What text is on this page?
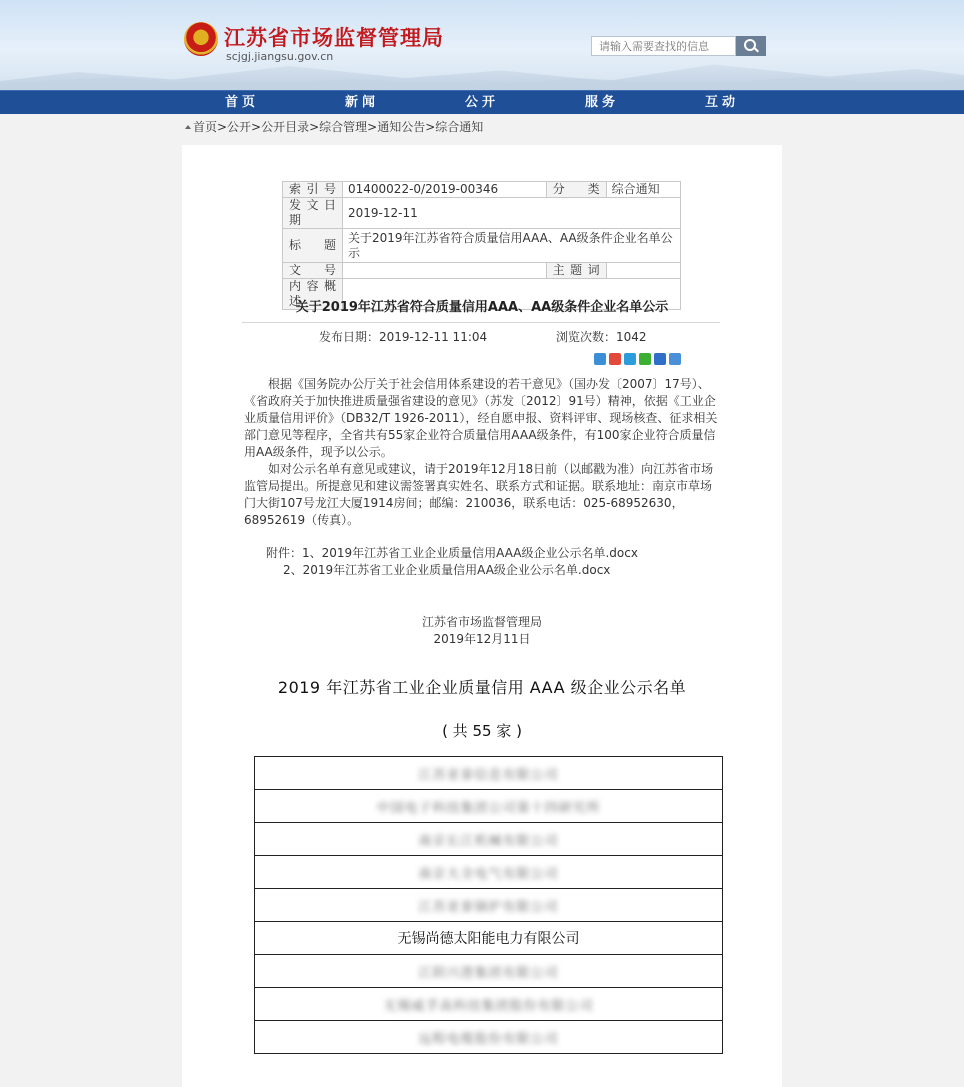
江苏省市场监督管理局
scjgj.jiangsu.gov.cn
请输入需要查找的信息
首页	新闻	公开	服务	互动
首页>公开>公开目录>综合管理>通知公告>综合通知
索 引 号	01400022-0/2019-00346	分　类	综合通知
发文日期	2019-12-11		
标　题	关于2019年江苏省符合质量信用AAA、AA级条件企业名单公示		
文　号		主 题 词	
内容概述			
关于2019年江苏省符合质量信用AAA、AA级条件企业名单公示
发布日期：2019-12-11 11:04	浏览次数：1042

根据《国务院办公厅关于社会信用体系建设的若干意见》（国办发〔2007〕17号）、《省政府关于加快推进质量强省建设的意见》（苏发〔2012〕91号）精神，依据《工业企业质量信用评价》（DB32/T 1926-2011），经自愿申报、资料评审、现场核查、征求相关部门意见等程序，全省共有55家企业符合质量信用AAA级条件，有100家企业符合质量信用AA级条件，现予以公示。

如对公示名单有意见或建议，请于2019年12月18日前（以邮戳为准）向江苏省市场监管局提出。所提意见和建议需签署真实姓名、联系方式和证据。联系地址：南京市草场门大街107号龙江大厦1914房间；邮编：210036，联系电话：025-68952630，68952619（传真）。

附件：1、2019年江苏省工业企业质量信用AAA级企业公示名单.docx
2、2019年江苏省工业企业质量信用AA级企业公示名单.docx
江苏省市场监督管理局
2019年12月11日
2019 年江苏省工业企业质量信用 AAA 级企业公示名单
( 共 55 家 )
江苏亚泰信息有限公司
中国电子科技集团公司第十四研究所
南京长江机械有限公司
南京大全电气有限公司
江苏亚泰锅炉有限公司
无锡尚德太阳能电力有限公司
江阴兴澄集团有限公司
无锡威孚高科技集团股份有限公司
远程电缆股份有限公司
